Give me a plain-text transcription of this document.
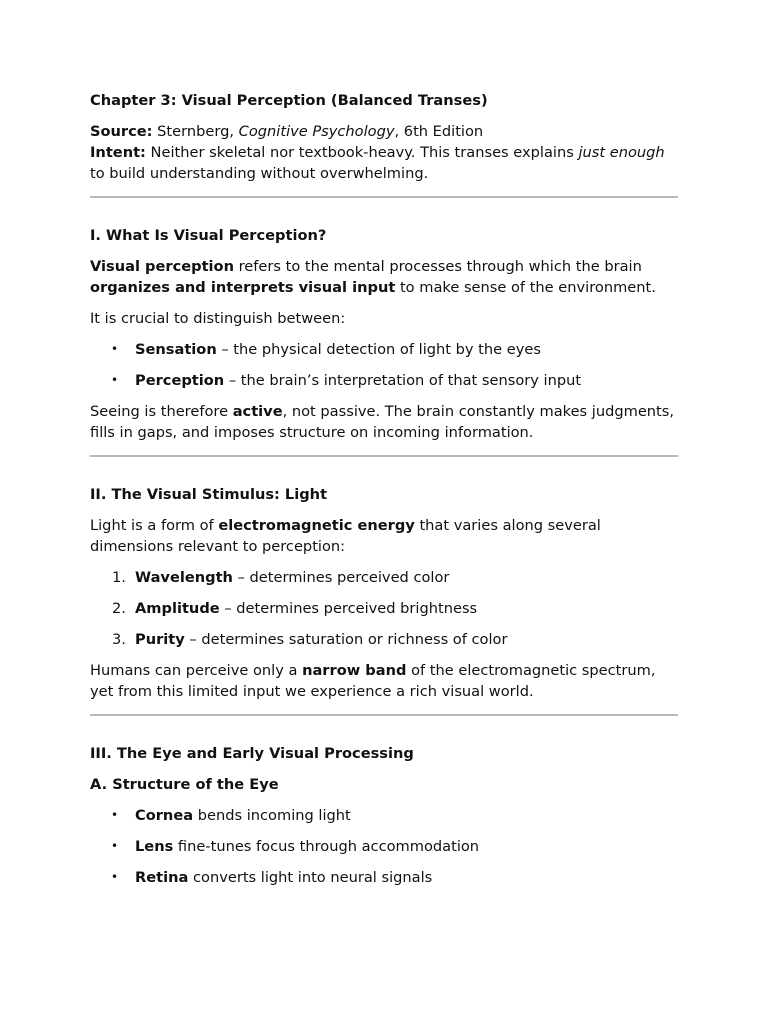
Chapter 3: Visual Perception (Balanced Transes)

Source: Sternberg, Cognitive Psychology, 6th Edition

Intent: Neither skeletal nor textbook-heavy. This transes explains just enough to build understanding without overwhelming.

I. What Is Visual Perception?

Visual perception refers to the mental processes through which the brain organizes and interprets visual input to make sense of the environment.

It is crucial to distinguish between:

• Sensation – the physical detection of light by the eyes
• Perception – the brain’s interpretation of that sensory input

Seeing is therefore active, not passive. The brain constantly makes judgments, fills in gaps, and imposes structure on incoming information.

II. The Visual Stimulus: Light

Light is a form of electromagnetic energy that varies along several dimensions relevant to perception:

1. Wavelength – determines perceived color
2. Amplitude – determines perceived brightness
3. Purity – determines saturation or richness of color

Humans can perceive only a narrow band of the electromagnetic spectrum, yet from this limited input we experience a rich visual world.

III. The Eye and Early Visual Processing

A. Structure of the Eye

• Cornea bends incoming light
• Lens fine-tunes focus through accommodation
• Retina converts light into neural signals
